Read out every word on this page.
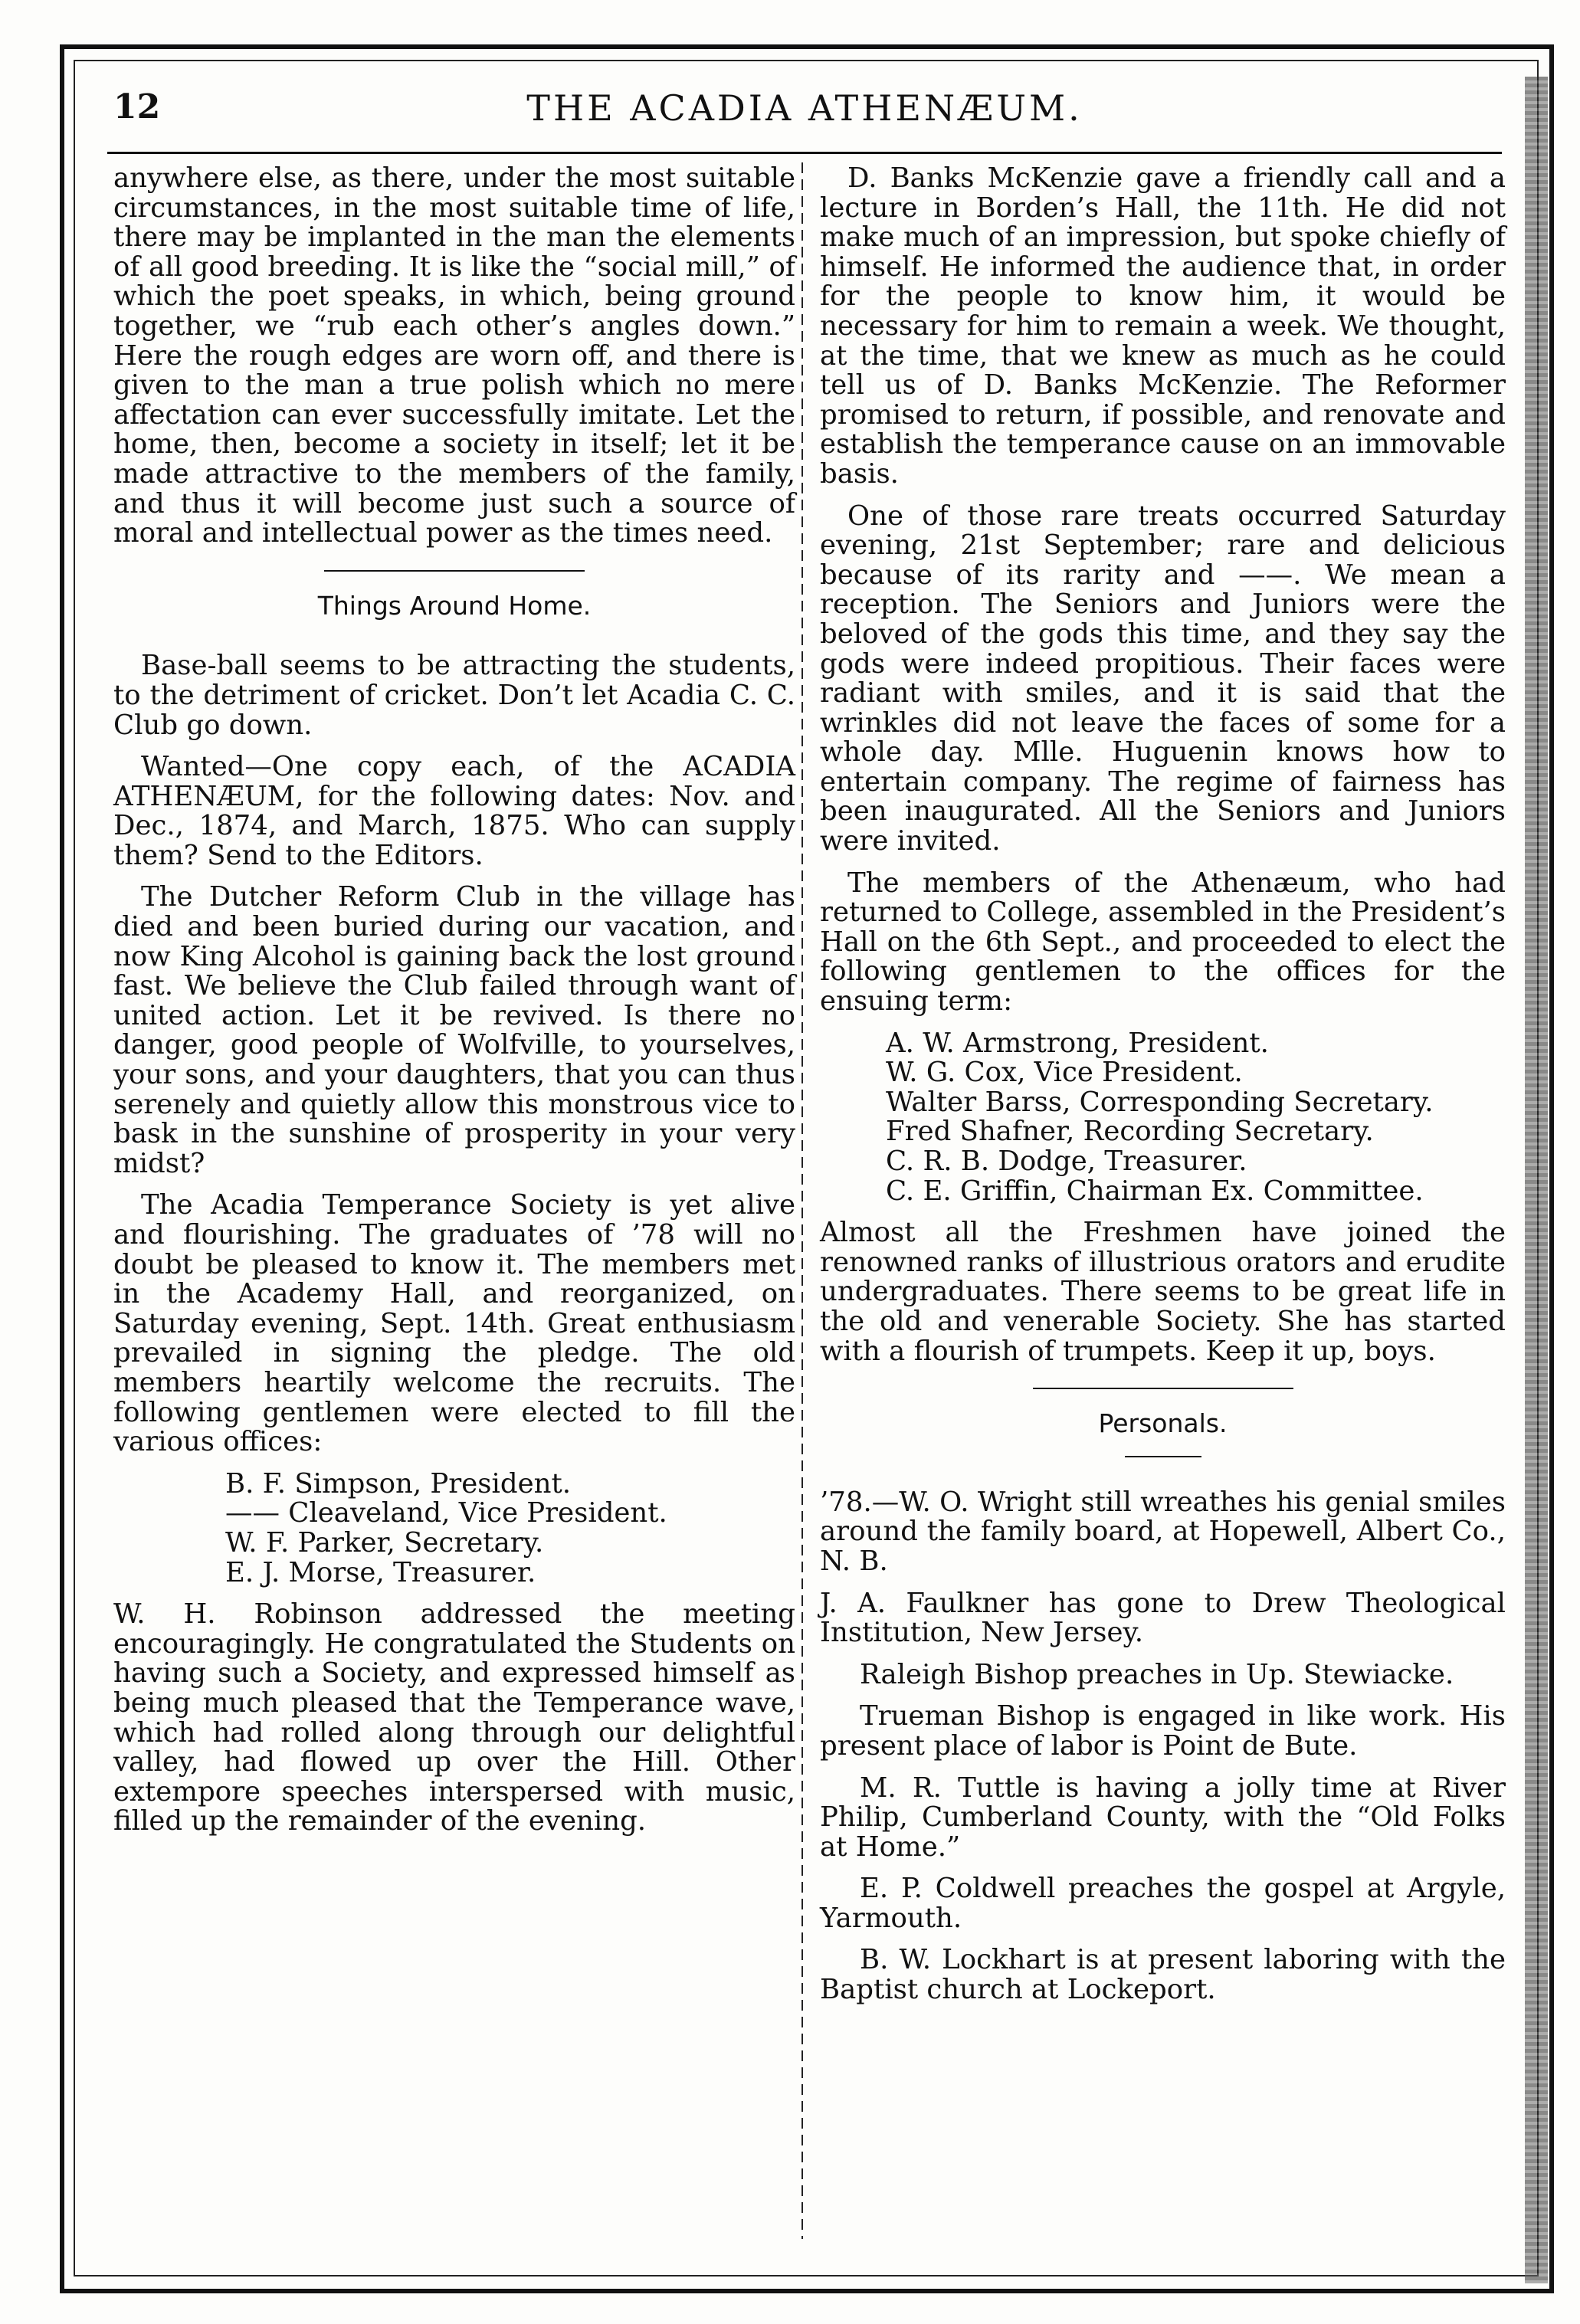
12	THE ACADIA ATHENÆUM.

anywhere else, as there, under the most suitable circumstances, in the most suitable time of life, there may be implanted in the man the elements of all good breeding. It is like the “social mill,” of which the poet speaks, in which, being ground together, we “rub each other’s angles down.” Here the rough edges are worn off, and there is given to the man a true polish which no mere affectation can ever successfully imitate. Let the home, then, become a society in itself; let it be made attractive to the members of the family, and thus it will become just such a source of moral and intellectual power as the times need.

Things Around Home.

Base-ball seems to be attracting the students, to the detriment of cricket. Don’t let Acadia C. C. Club go down.

Wanted—One copy each, of the ACADIA ATHENÆUM, for the following dates: Nov. and Dec., 1874, and March, 1875. Who can supply them? Send to the Editors.

The Dutcher Reform Club in the village has died and been buried during our vacation, and now King Alcohol is gaining back the lost ground fast. We believe the Club failed through want of united action. Let it be revived. Is there no danger, good people of Wolfville, to yourselves, your sons, and your daughters, that you can thus serenely and quietly allow this monstrous vice to bask in the sunshine of prosperity in your very midst?

The Acadia Temperance Society is yet alive and flourishing. The graduates of ’78 will no doubt be pleased to know it. The members met in the Academy Hall, and reorganized, on Saturday evening, Sept. 14th. Great enthusiasm prevailed in signing the pledge. The old members heartily welcome the recruits. The following gentlemen were elected to fill the various offices:

B. F. Simpson, President.
—— Cleaveland, Vice President.
W. F. Parker, Secretary.
E. J. Morse, Treasurer.

W. H. Robinson addressed the meeting encouragingly. He congratulated the Students on having such a Society, and expressed himself as being much pleased that the Temperance wave, which had rolled along through our delightful valley, had flowed up over the Hill. Other extempore speeches interspersed with music, filled up the remainder of the evening.

D. Banks McKenzie gave a friendly call and a lecture in Borden’s Hall, the 11th. He did not make much of an impression, but spoke chiefly of himself. He informed the audience that, in order for the people to know him, it would be necessary for him to remain a week. We thought, at the time, that we knew as much as he could tell us of D. Banks McKenzie. The Reformer promised to return, if possible, and renovate and establish the temperance cause on an immovable basis.

One of those rare treats occurred Saturday evening, 21st September; rare and delicious because of its rarity and ——. We mean a reception. The Seniors and Juniors were the beloved of the gods this time, and they say the gods were indeed propitious. Their faces were radiant with smiles, and it is said that the wrinkles did not leave the faces of some for a whole day. Mlle. Huguenin knows how to entertain company. The regime of fairness has been inaugurated. All the Seniors and Juniors were invited.

The members of the Athenæum, who had returned to College, assembled in the President’s Hall on the 6th Sept., and proceeded to elect the following gentlemen to the offices for the ensuing term:

A. W. Armstrong, President.
W. G. Cox, Vice President.
Walter Barss, Corresponding Secretary.
Fred Shafner, Recording Secretary.
C. R. B. Dodge, Treasurer.
C. E. Griffin, Chairman Ex. Committee.

Almost all the Freshmen have joined the renowned ranks of illustrious orators and erudite undergraduates. There seems to be great life in the old and venerable Society. She has started with a flourish of trumpets. Keep it up, boys.

Personals.

’78.—W. O. Wright still wreathes his genial smiles around the family board, at Hopewell, Albert Co., N. B.

J. A. Faulkner has gone to Drew Theological Institution, New Jersey.

Raleigh Bishop preaches in Up. Stewiacke.

Trueman Bishop is engaged in like work. His present place of labor is Point de Bute.

M. R. Tuttle is having a jolly time at River Philip, Cumberland County, with the “Old Folks at Home.”

E. P. Coldwell preaches the gospel at Argyle, Yarmouth.

B. W. Lockhart is at present laboring with the Baptist church at Lockeport.
